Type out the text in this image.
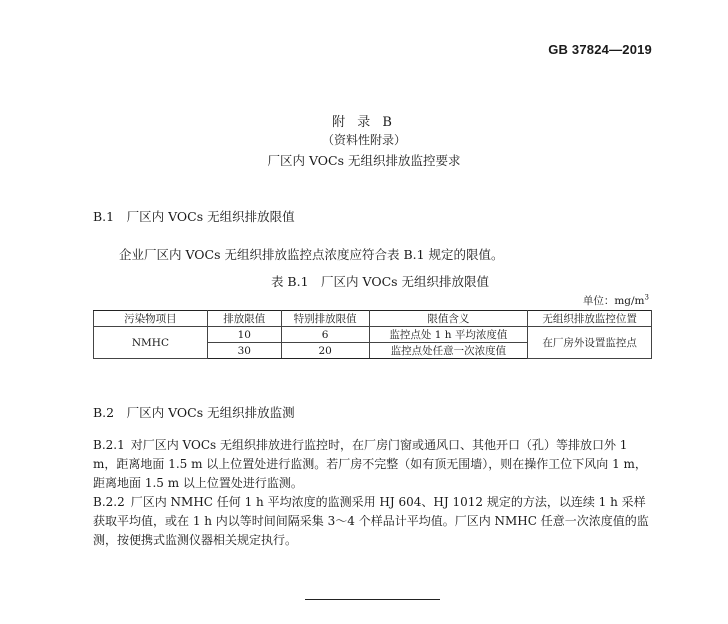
GB 37824—2019
附 录 B
（资料性附录）
厂区内 VOCs 无组织排放监控要求
B.1　厂区内 VOCs 无组织排放限值
企业厂区内 VOCs 无组织排放监控点浓度应符合表 B.1 规定的限值。
表 B.1　厂区内 VOCs 无组织排放限值
单位：$mg/m^3$
污染物项目	排放限值	特别排放限值	限值含义	无组织排放监控位置
NMHC	10	6	监控点处 1 h 平均浓度值	在厂房外设置监控点
	30	20	监控点处任意一次浓度值	
B.2　厂区内 VOCs 无组织排放监测
B.2.1 对厂区内 VOCs 无组织排放进行监控时，在厂房门窗或通风口、其他开口（孔）等排放口外 1 m，距离地面 1.5 m 以上位置处进行监测。若厂房不完整（如有顶无围墙），则在操作工位下风向 1 m，距离地面 1.5 m 以上位置处进行监测。
B.2.2 厂区内 NMHC 任何 1 h 平均浓度的监测采用 HJ 604、HJ 1012 规定的方法，以连续 1 h 采样获取平均值，或在 1 h 内以等时间间隔采集 3～4 个样品计平均值。厂区内 NMHC 任意一次浓度值的监测，按便携式监测仪器相关规定执行。
